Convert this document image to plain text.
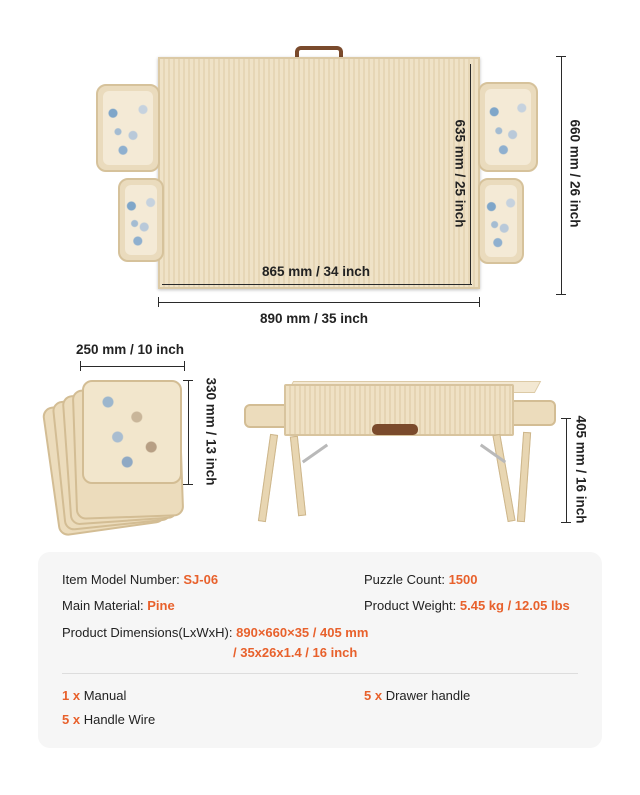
635 mm / 25 inch	660 mm / 26 inch
865 mm / 34 inch
890 mm / 35 inch
250 mm / 10 inch
330 mm / 13 inch	405 mm / 16 inch
Item Model Number: SJ-06	Puzzle Count: 1500
Main Material: Pine	Product Weight: 5.45 kg / 12.05 lbs
Product Dimensions(LxWxH): 890×660×35 / 405 mm
/ 35x26x1.4 / 16 inch
1 x Manual
5 x Handle Wire
5 x Drawer handle
